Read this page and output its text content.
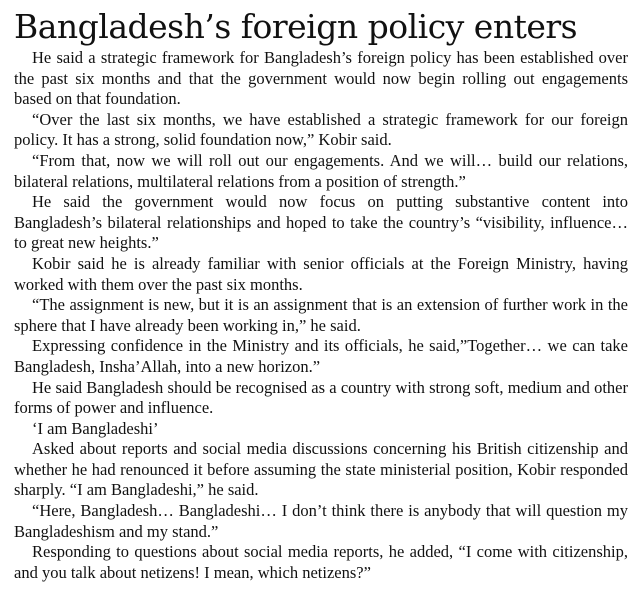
Bangladesh’s foreign policy enters

He said a strategic framework for Bangladesh’s foreign policy has been established over the past six months and that the government would now begin rolling out engagements based on that foundation.

“Over the last six months, we have established a strategic framework for our foreign policy. It has a strong, solid foundation now,” Kobir said.

“From that, now we will roll out our engagements. And we will… build our relations, bilateral relations, multilateral relations from a position of strength.”

He said the government would now focus on putting substantive content into Bangladesh’s bilateral relationships and hoped to take the country’s “visibility, influence… to great new heights.”

Kobir said he is already familiar with senior officials at the Foreign Ministry, having worked with them over the past six months.

“The assignment is new, but it is an assignment that is an extension of further work in the sphere that I have already been working in,” he said.

Expressing confidence in the Ministry and its officials, he said,”Together… we can take Bangladesh, Insha’Allah, into a new horizon.”

He said Bangladesh should be recognised as a country with strong soft, medium and other forms of power and influence.

‘I am Bangladeshi’

Asked about reports and social media discussions concerning his British citizenship and whether he had renounced it before assuming the state ministerial position, Kobir responded sharply. “I am Bangladeshi,” he said.

“Here, Bangladesh… Bangladeshi… I don’t think there is anybody that will question my Bangladeshism and my stand.”

Responding to questions about social media reports, he added, “I come with citizenship, and you talk about netizens! I mean, which netizens?”
